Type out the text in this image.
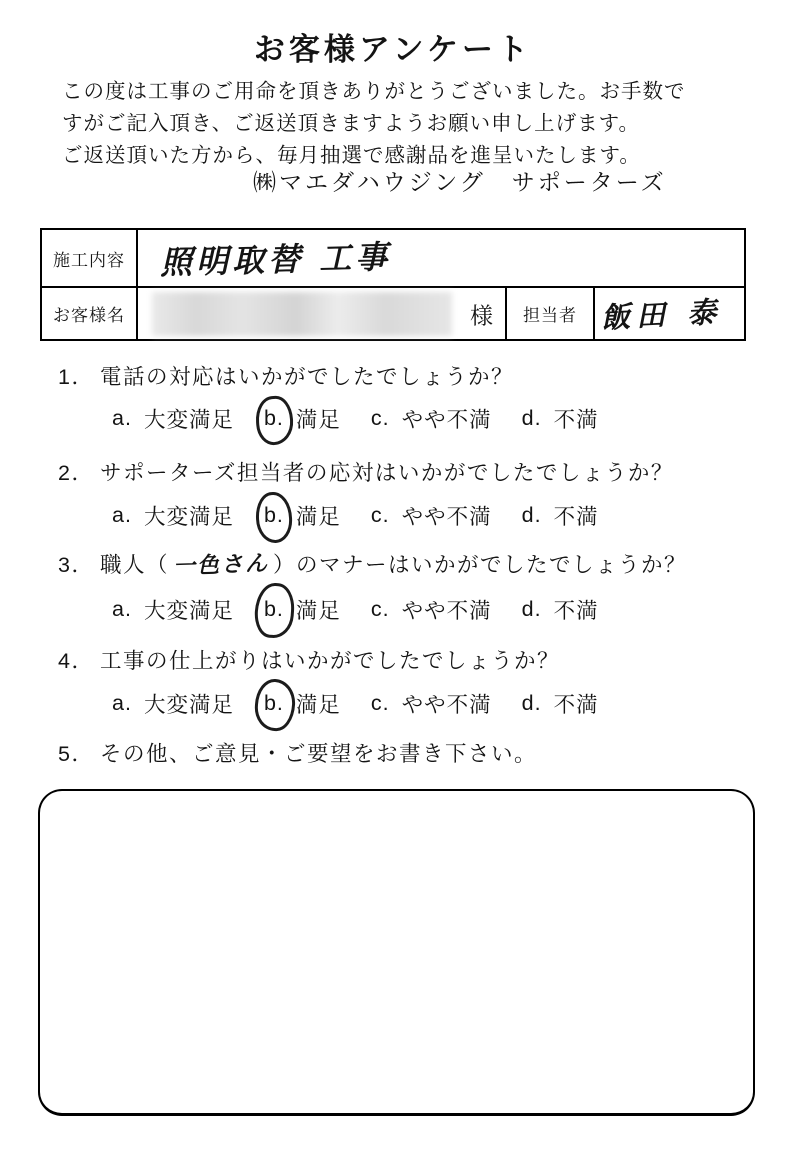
お客様アンケート
この度は工事のご用命を頂きありがとうございました。お手数で
すがご記入頂き、ご返送頂きますようお願い申し上げます。
ご返送頂いた方から、毎月抽選で感謝品を進呈いたします。
㈱マエダハウジング　サポーターズ
施工内容	照明取替 工事		
お客様名	様	担当者	飯田 泰
1． 電話の対応はいかがでしたでしょうか？
a. 大変満足 b. 満足 c. やや不満 d. 不満
2． サポーターズ担当者の応対はいかがでしたでしょうか？
a. 大変満足 b. 満足 c. やや不満 d. 不満
3． 職人（ 一色さん ）のマナーはいかがでしたでしょうか？
a. 大変満足 b. 満足 c. やや不満 d. 不満
4． 工事の仕上がりはいかがでしたでしょうか？
a. 大変満足 b. 満足 c. やや不満 d. 不満
5． その他、ご意見・ご要望をお書き下さい。
